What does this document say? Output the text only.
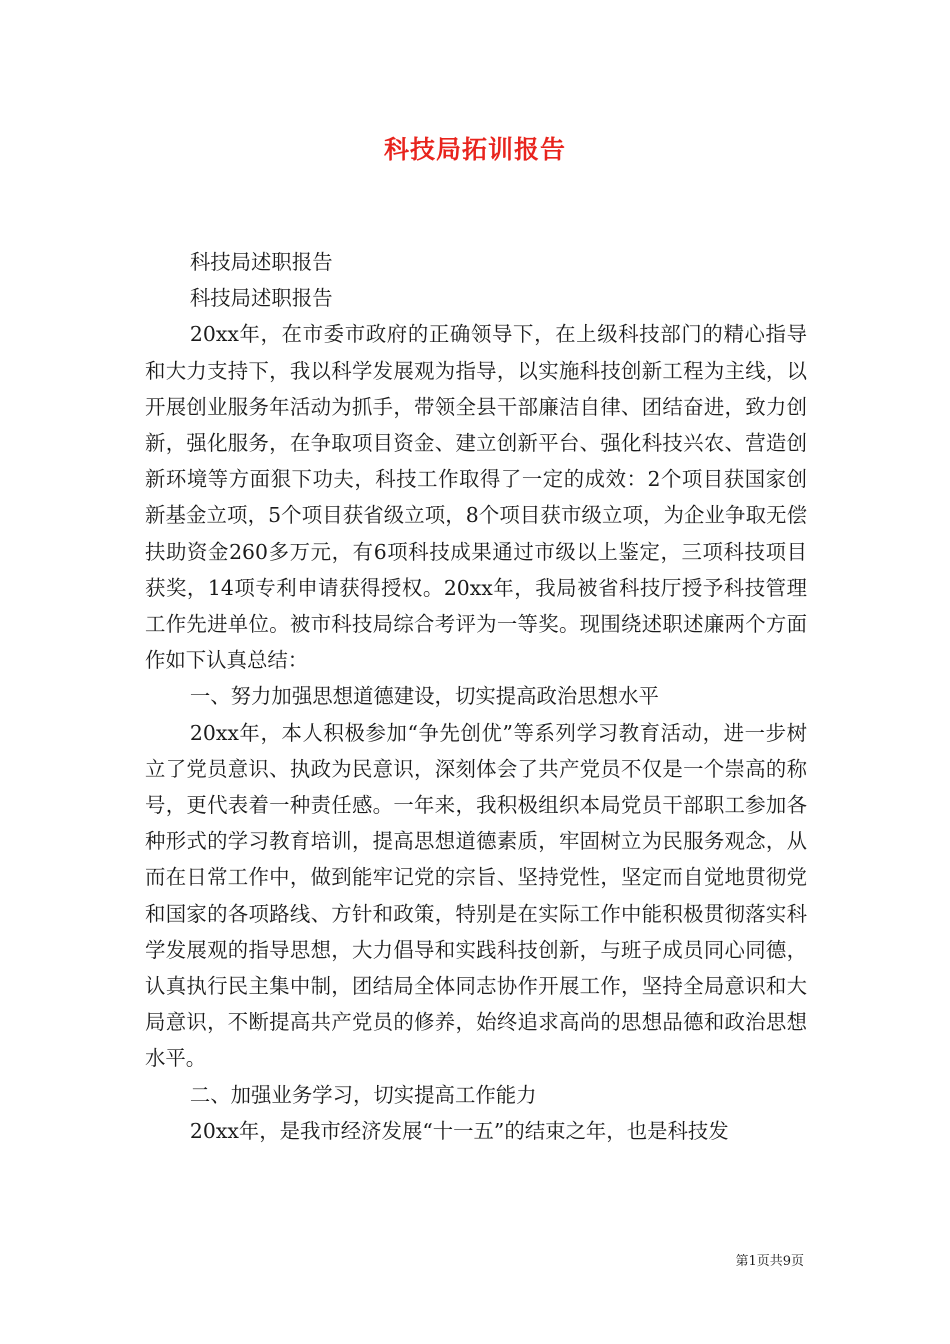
科技局拓训报告

科技局述职报告

科技局述职报告

20xx年，在市委市政府的正确领导下，在上级科技部门的精心指导和大力支持下，我以科学发展观为指导，以实施科技创新工程为主线，以开展创业服务年活动为抓手，带领全县干部廉洁自律、团结奋进，致力创新，强化服务，在争取项目资金、建立创新平台、强化科技兴农、营造创新环境等方面狠下功夫，科技工作取得了一定的成效：2个项目获国家创新基金立项，5个项目获省级立项，8个项目获市级立项，为企业争取无偿扶助资金260多万元，有6项科技成果通过市级以上鉴定，三项科技项目获奖，14项专利申请获得授权。20xx年，我局被省科技厅授予科技管理工作先进单位。被市科技局综合考评为一等奖。现围绕述职述廉两个方面作如下认真总结：

一、努力加强思想道德建设，切实提高政治思想水平

20xx年，本人积极参加“争先创优”等系列学习教育活动，进一步树立了党员意识、执政为民意识，深刻体会了共产党员不仅是一个崇高的称号，更代表着一种责任感。一年来，我积极组织本局党员干部职工参加各种形式的学习教育培训，提高思想道德素质，牢固树立为民服务观念，从而在日常工作中，做到能牢记党的宗旨、坚持党性，坚定而自觉地贯彻党和国家的各项路线、方针和政策，特别是在实际工作中能积极贯彻落实科学发展观的指导思想，大力倡导和实践科技创新，与班子成员同心同德，认真执行民主集中制，团结局全体同志协作开展工作，坚持全局意识和大局意识，不断提高共产党员的修养，始终追求高尚的思想品德和政治思想水平。

二、加强业务学习，切实提高工作能力

20xx年，是我市经济发展“十一五”的结束之年，也是科技发

第1页共9页
